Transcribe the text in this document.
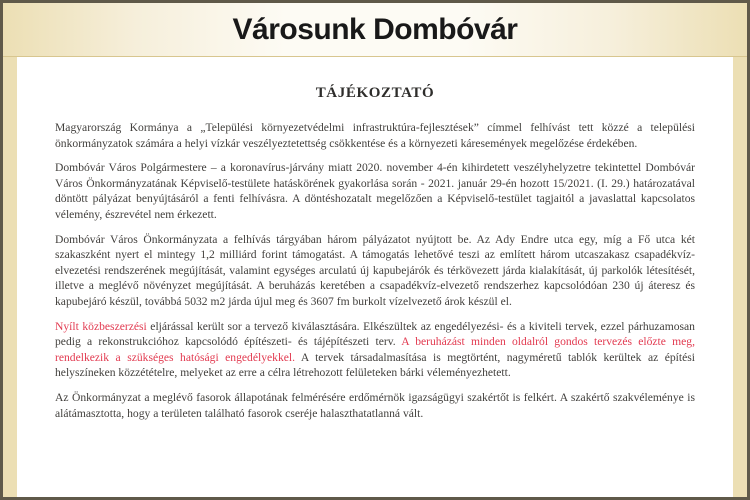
Városunk Dombóvár
TÁJÉKOZTATÓ

Magyarország Kormánya a „Települési környezetvédelmi infrastruktúra-fejlesztések” címmel felhívást tett közzé a települési önkormányzatok számára a helyi vízkár veszélyeztetettség csökkentése és a környezeti káresemények megelőzése érdekében.

Dombóvár Város Polgármestere – a koronavírus-járvány miatt 2020. november 4-én kihirdetett veszélyhelyzetre tekintettel Dombóvár Város Önkormányzatának Képviselő-testülete hatáskörének gyakorlása során - 2021. január 29-én hozott 15/2021. (I. 29.) határozatával döntött pályázat benyújtásáról a fenti felhívásra. A döntéshozatalt megelőzően a Képviselő-testület tagjaitól a javaslattal kapcsolatos vélemény, észrevétel nem érkezett.

Dombóvár Város Önkormányzata a felhívás tárgyában három pályázatot nyújtott be. Az Ady Endre utca egy, míg a Fő utca két szakaszként nyert el mintegy 1,2 milliárd forint támogatást. A támogatás lehetővé teszi az említett három utcaszakasz csapadékvíz-elvezetési rendszerének megújítását, valamint egységes arculatú új kapubejárók és térkövezett járda kialakítását, új parkolók létesítését, illetve a meglévő növényzet megújítását. A beruházás keretében a csapadékvíz-elvezető rendszerhez kapcsolódóan 230 új áteresz és kapubejáró készül, továbbá 5032 m2 járda újul meg és 3607 fm burkolt vízelvezető árok készül el.

Nyílt közbeszerzési eljárással került sor a tervező kiválasztására. Elkészültek az engedélyezési- és a kiviteli tervek, ezzel párhuzamosan pedig a rekonstrukcióhoz kapcsolódó építészeti- és tájépítészeti terv. A beruházást minden oldalról gondos tervezés előzte meg, rendelkezik a szükséges hatósági engedélyekkel. A tervek társadalmasítása is megtörtént, nagyméretű tablók kerültek az építési helyszíneken közzétételre, melyeket az erre a célra létrehozott felületeken bárki véleményezhetett.

Az Önkormányzat a meglévő fasorok állapotának felmérésére erdőmérnök igazságügyi szakértőt is felkért. A szakértő szakvéleménye is alátámasztotta, hogy a területen található fasorok cseréje halaszthatatlanná vált.
